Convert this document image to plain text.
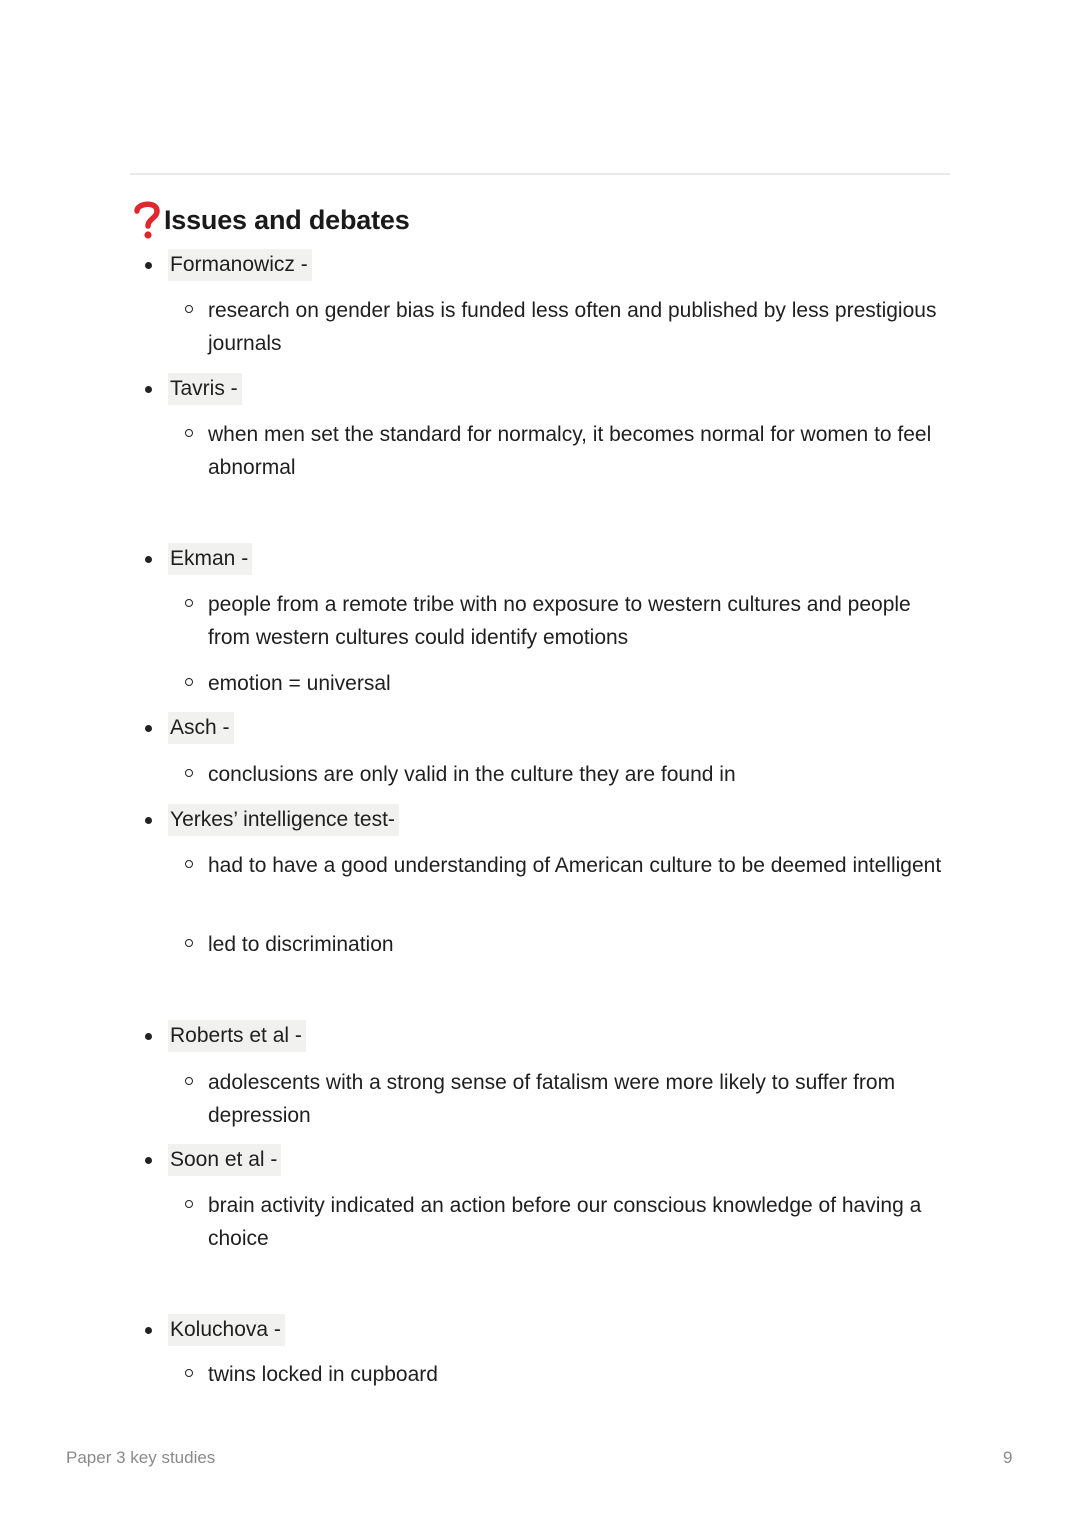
Issues and debates
Formanowicz -
research on gender bias is funded less often and published by less prestigious journals
Tavris -
when men set the standard for normalcy, it becomes normal for women to feel abnormal
Ekman -
people from a remote tribe with no exposure to western cultures and people from western cultures could identify emotions
emotion = universal
Asch -
conclusions are only valid in the culture they are found in
Yerkes’ intelligence test-
had to have a good understanding of American culture to be deemed intelligent
led to discrimination
Roberts et al -
adolescents with a strong sense of fatalism were more likely to suffer from depression
Soon et al -
brain activity indicated an action before our conscious knowledge of having a choice
Koluchova -
twins locked in cupboard
Paper 3 key studies	9
